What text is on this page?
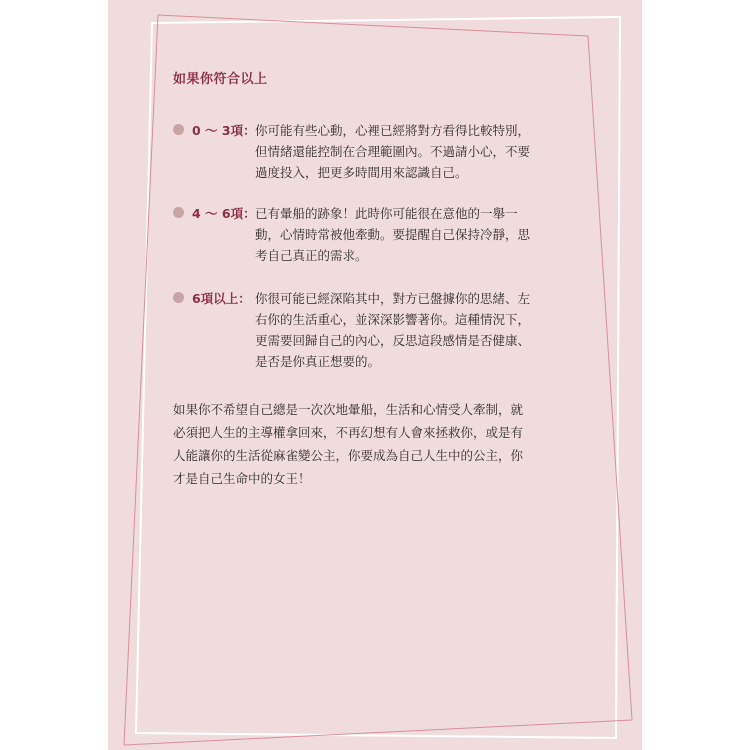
如果你符合以上
0 ～ 3項： 你可能有些心動，心裡已經將對方看得比較特別，
但情緒還能控制在合理範圍內。不過請小心，不要
過度投入，把更多時間用來認識自己。
4 ～ 6項： 已有暈船的跡象！此時你可能很在意他的一舉一
動，心情時常被他牽動。要提醒自己保持冷靜，思
考自己真正的需求。
6項以上： 你很可能已經深陷其中，對方已盤據你的思緒、左
右你的生活重心，並深深影響著你。這種情況下，
更需要回歸自己的內心，反思這段感情是否健康、
是否是你真正想要的。
如果你不希望自己總是一次次地暈船，生活和心情受人牽制，就
必須把人生的主導權拿回來，不再幻想有人會來拯救你，或是有
人能讓你的生活從麻雀變公主，你要成為自己人生中的公主，你
才是自己生命中的女王！
